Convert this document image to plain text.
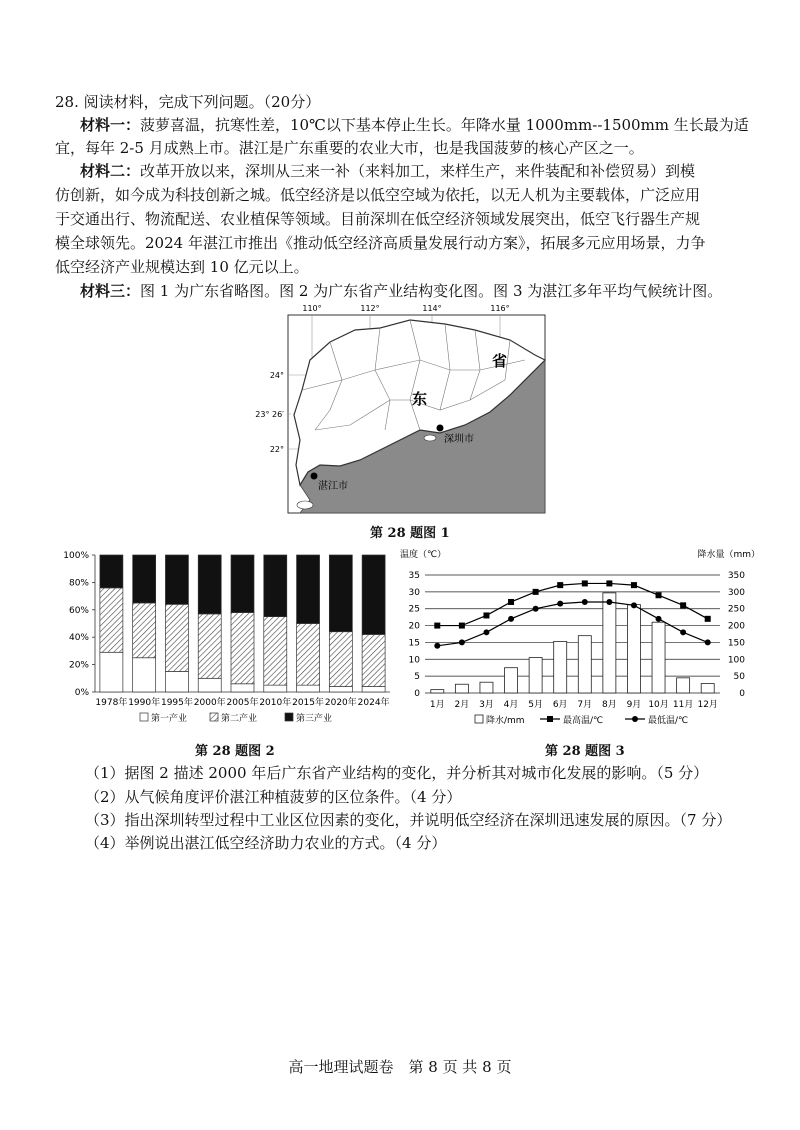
28. 阅读材料，完成下列问题。（20分）
材料一：菠萝喜温，抗寒性差，10℃以下基本停止生长。年降水量 1000mm--1500mm 生长最为适
宜，每年 2-5 月成熟上市。湛江是广东重要的农业大市，也是我国菠萝的核心产区之一。
材料二：改革开放以来，深圳从三来一补（来料加工，来样生产，来件装配和补偿贸易）到模
仿创新，如今成为科技创新之城。低空经济是以低空空域为依托，以无人机为主要载体，广泛应用
于交通出行、物流配送、农业植保等领域。目前深圳在低空经济领域发展突出，低空飞行器生产规
模全球领先。2024 年湛江市推出《推动低空经济高质量发展行动方案》，拓展多元应用场景，力争
低空经济产业规模达到 10 亿元以上。
材料三：图 1 为广东省略图。图 2 为广东省产业结构变化图。图 3 为湛江多年平均气候统计图。
110°	112°	114°	116°
24°
23° 26′
22°
东
省
深圳市
湛江市
第 28 题图 1
0%
20%
40%
60%
80%
100%
1978年 1990年 1995年 2000年 2005年 2010年 2015年 2020年 2024年
第一产业	第二产业	第三产业
第 28 题图 2
温度（℃）	降水量（mm）
0	0
5	50
10	100
15	150
20	200
25	250
30	300
35	350
1月 2月 3月 4月 5月 6月 7月 8月 9月 10月 11月 12月
降水/mm	最高温/℃	最低温/℃
第 28 题图 3
（1）据图 2 描述 2000 年后广东省产业结构的变化，并分析其对城市化发展的影响。（5 分）
（2）从气候角度评价湛江种植菠萝的区位条件。（4 分）
（3）指出深圳转型过程中工业区位因素的变化，并说明低空经济在深圳迅速发展的原因。（7 分）
（4）举例说出湛江低空经济助力农业的方式。（4 分）
高一地理试题卷　第 8 页 共 8 页
